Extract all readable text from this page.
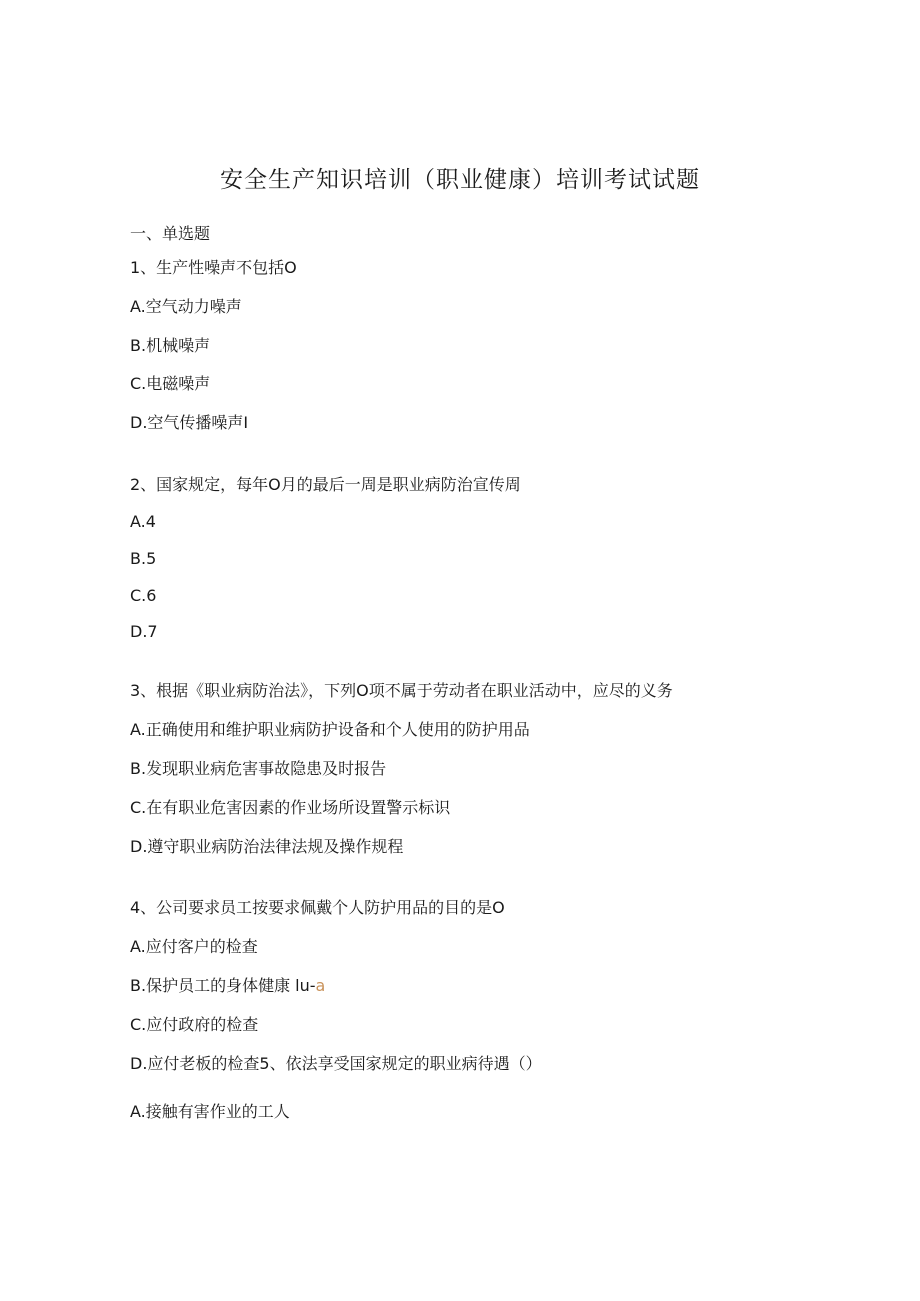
安全生产知识培训（职业健康）培训考试试题
一、单选题
1、生产性噪声不包括O
A.空气动力噪声
B.机械噪声
C.电磁噪声
D.空气传播噪声I
2、国家规定，每年O月的最后一周是职业病防治宣传周
A.4
B.5
C.6
D.7
3、根据《职业病防治法》，下列O项不属于劳动者在职业活动中，应尽的义务
A.正确使用和维护职业病防护设备和个人使用的防护用品
B.发现职业病危害事故隐患及时报告
C.在有职业危害因素的作业场所设置警示标识
D.遵守职业病防治法律法规及操作规程
4、公司要求员工按要求佩戴个人防护用品的目的是O
A.应付客户的检查
B.保护员工的身体健康 lu-a
C.应付政府的检查
D.应付老板的检查5、依法享受国家规定的职业病待遇（）
A.接触有害作业的工人
